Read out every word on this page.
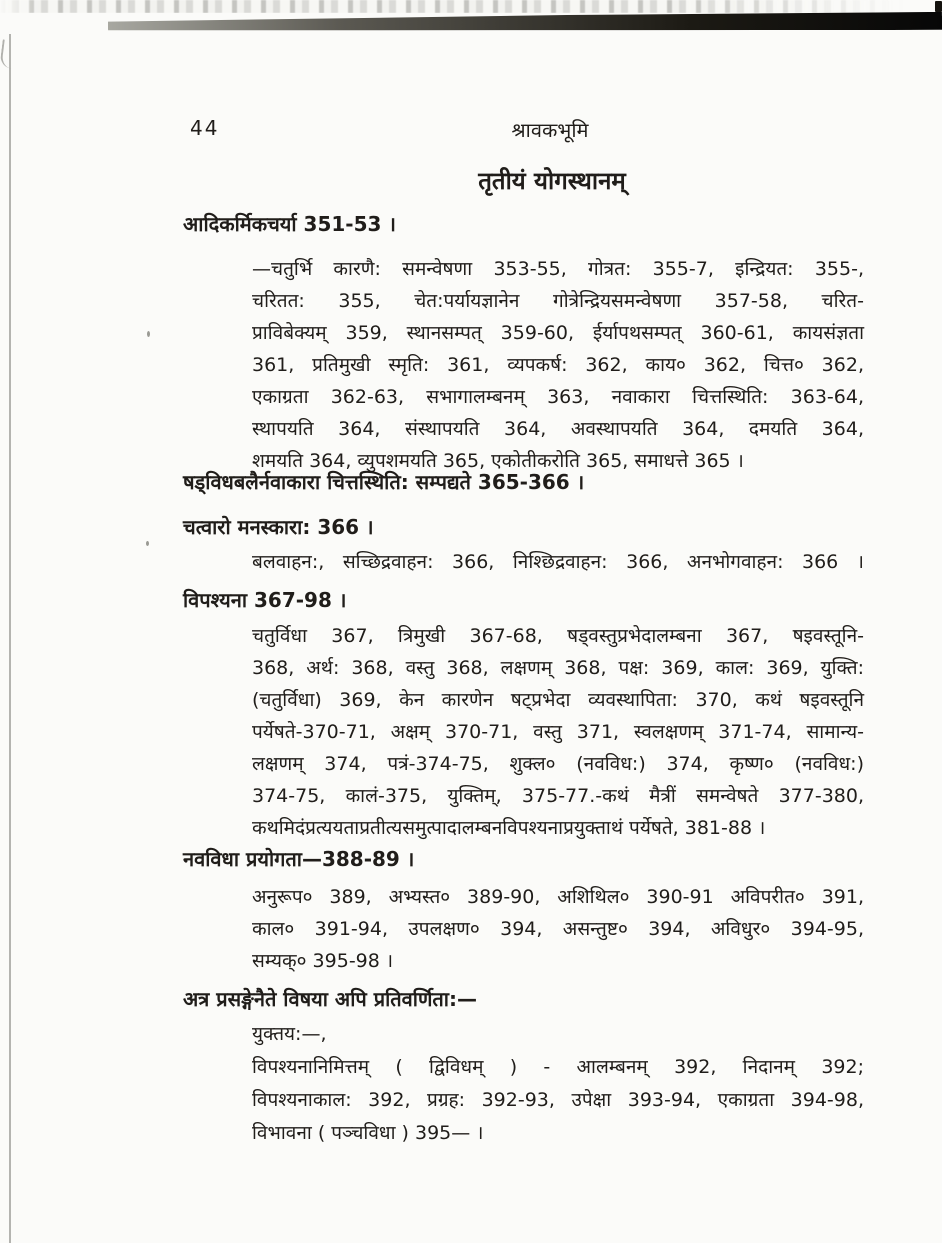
44	श्रावकभूमि
तृतीयं योगस्थानम्
आदिकर्मिकचर्या 351-53 ।
—चतुर्भि कारणै: समन्वेषणा 353-55, गोत्रत: 355-7, इन्द्रियत: 355-,
चरितत: 355, चेत:पर्यायज्ञानेन गोत्रेन्द्रियसमन्वेषणा 357-58, चरित-
प्राविबेक्यम् 359, स्थानसम्पत् 359-60, ईर्यापथसम्पत् 360-61, कायसंज्ञता
361, प्रतिमुखी स्मृति: 361, व्यपकर्ष: 362, काय० 362, चित्त० 362,
एकाग्रता 362-63, सभागालम्बनम् 363, नवाकारा चित्तस्थिति: 363-64,
स्थापयति 364, संस्थापयति 364, अवस्थापयति 364, दमयति 364,
शमयति 364, व्युपशमयति 365, एकोतीकरोति 365, समाधत्ते 365 ।
षड्विधबलैर्नवाकारा चित्तस्थिति: सम्पद्यते 365-366 ।
चत्वारो मनस्कारा: 366 ।
बलवाहन:, सच्छिद्रवाहन: 366, निश्छिद्रवाहन: 366, अनभोगवाहन: 366 ।
विपश्यना 367-98 ।
चतुर्विधा 367, त्रिमुखी 367-68, षड्वस्तुप्रभेदालम्बना 367, षइवस्तूनि-
368, अर्थ: 368, वस्तु 368, लक्षणम् 368, पक्ष: 369, काल: 369, युक्ति:
(चतुर्विधा) 369, केन कारणेन षट्प्रभेदा व्यवस्थापिता: 370, कथं षइवस्तूनि
पर्येषते-370-71, अक्षम् 370-71, वस्तु 371, स्वलक्षणम् 371-74, सामान्य-
लक्षणम् 374, पत्रं-374-75, शुक्ल० (नवविध:) 374, कृष्ण० (नवविध:)
374-75, कालं-375, युक्तिम्, 375-77.-कथं मैत्रीं समन्वेषते 377-380,
कथमिदंप्रत्ययताप्रतीत्यसमुत्पादालम्बनविपश्यनाप्रयुक्ताथं पर्येषते, 381-88 ।
नवविधा प्रयोगता—388-89 ।
अनुरूप० 389, अभ्यस्त० 389-90, अशिथिल० 390-91 अविपरीत० 391,
काल० 391-94, उपलक्षण० 394, असन्तुष्ट० 394, अविधुर० 394-95,
सम्यक्० 395-98 ।
अत्र प्रसङ्गेनैते विषया अपि प्रतिवर्णिता:—
युक्तय:—,
विपश्यनानिमित्तम् ( द्विविधम् ) - आलम्बनम् 392, निदानम् 392;
विपश्यनाकाल: 392, प्रग्रह: 392-93, उपेक्षा 393-94, एकाग्रता 394-98,
विभावना ( पञ्चविधा ) 395— ।
